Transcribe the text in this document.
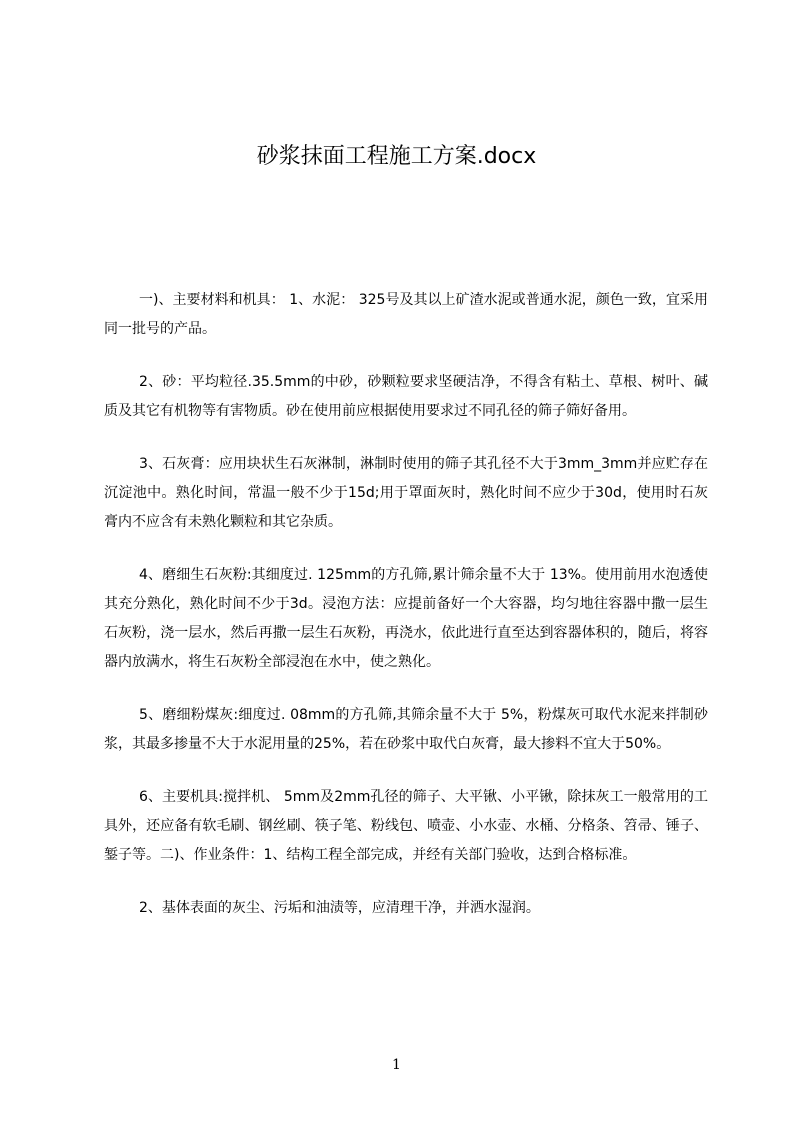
砂浆抹面工程施工方案.docx

一)、主要材料和机具： 1、水泥： 325号及其以上矿渣水泥或普通水泥，颜色一致，宜采用同一批号的产品。

2、砂：平均粒径.35.5mm的中砂，砂颗粒要求坚硬洁净，不得含有粘土、草根、树叶、碱质及其它有机物等有害物质。砂在使用前应根据使用要求过不同孔径的筛子筛好备用。

3、石灰膏：应用块状生石灰淋制，淋制时使用的筛子其孔径不大于3mm_3mm并应贮存在沉淀池中。熟化时间，常温一般不少于15d;用于罩面灰时，熟化时间不应少于30d，使用时石灰膏内不应含有未熟化颗粒和其它杂质。

4、磨细生石灰粉:其细度过. 125mm的方孔筛,累计筛余量不大于 13%。使用前用水泡透使其充分熟化，熟化时间不少于3d。浸泡方法：应提前备好一个大容器，均匀地往容器中撒一层生石灰粉，浇一层水，然后再撒一层生石灰粉，再浇水，依此进行直至达到容器体积的，随后，将容器内放满水，将生石灰粉全部浸泡在水中，使之熟化。

5、磨细粉煤灰:细度过. 08mm的方孔筛,其筛余量不大于 5%，粉煤灰可取代水泥来拌制砂浆，其最多掺量不大于水泥用量的25%，若在砂浆中取代白灰膏，最大掺料不宜大于50%。

6、主要机具:搅拌机、 5mm及2mm孔径的筛子、大平锹、小平锹，除抹灰工一般常用的工具外，还应备有软毛刷、钢丝刷、筷子笔、粉线包、喷壶、小水壶、水桶、分格条、笤帚、锤子、錾子等。二)、作业条件：1、结构工程全部完成，并经有关部门验收，达到合格标准。

2、基体表面的灰尘、污垢和油渍等，应清理干净，并洒水湿润。

1
